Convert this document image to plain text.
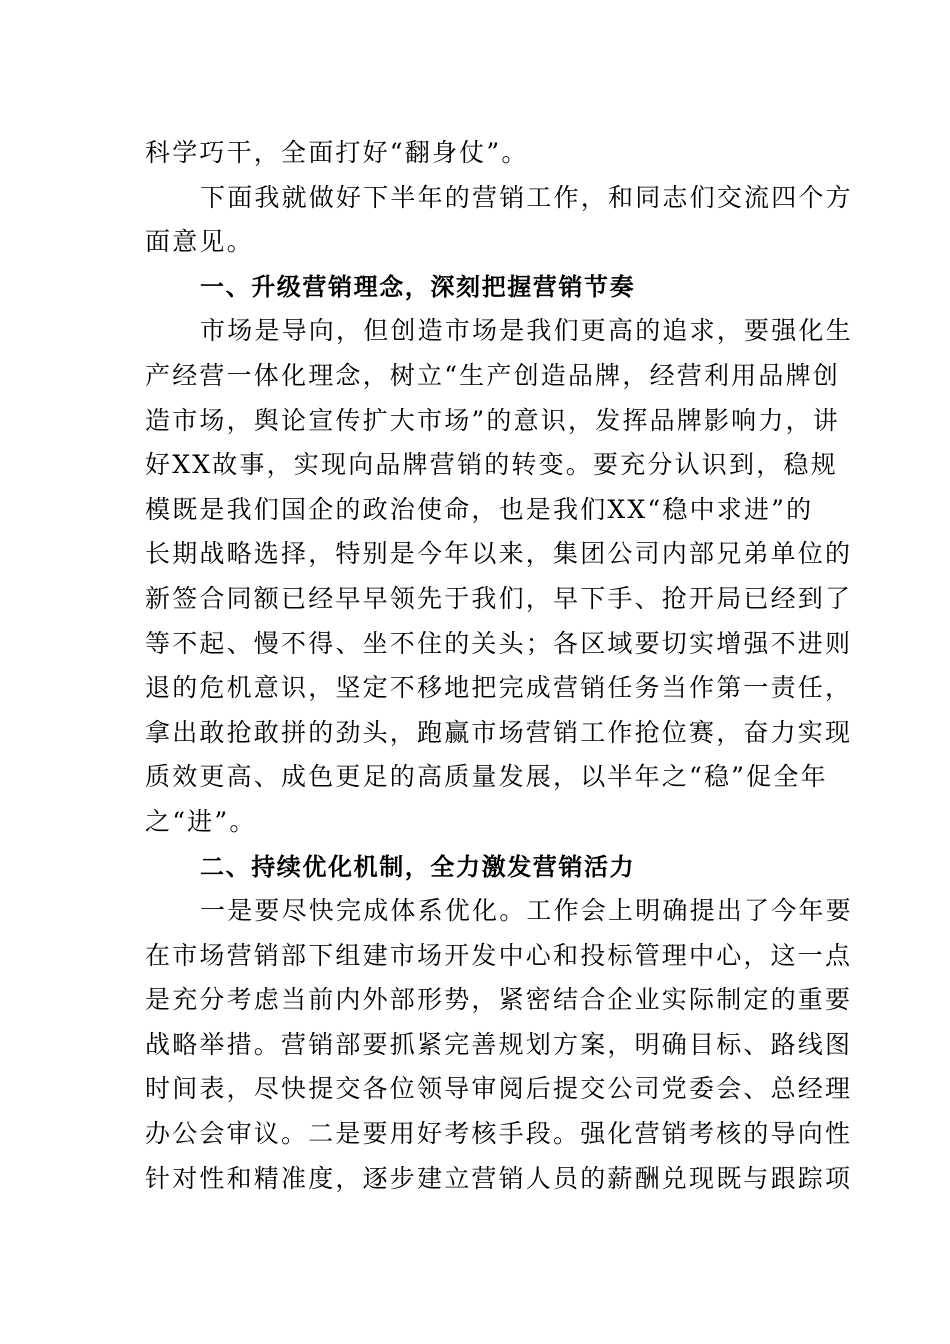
科学巧干，全面打好“翻身仗”。

下面我就做好下半年的营销工作，和同志们交流四个方
面意见。

一、升级营销理念，深刻把握营销节奏

市场是导向，但创造市场是我们更高的追求，要强化生
产经营一体化理念，树立“生产创造品牌，经营利用品牌创
造市场，舆论宣传扩大市场”的意识，发挥品牌影响力，讲
好XX故事，实现向品牌营销的转变。要充分认识到，稳规
模既是我们国企的政治使命，也是我们XX“稳中求进”的
长期战略选择，特别是今年以来，集团公司内部兄弟单位的
新签合同额已经早早领先于我们，早下手、抢开局已经到了
等不起、慢不得、坐不住的关头；各区域要切实增强不进则
退的危机意识，坚定不移地把完成营销任务当作第一责任，
拿出敢抢敢拼的劲头，跑赢市场营销工作抢位赛，奋力实现
质效更高、成色更足的高质量发展，以半年之“稳”促全年
之“进”。

二、持续优化机制，全力激发营销活力

一是要尽快完成体系优化。工作会上明确提出了今年要
在市场营销部下组建市场开发中心和投标管理中心，这一点
是充分考虑当前内外部形势，紧密结合企业实际制定的重要
战略举措。营销部要抓紧完善规划方案，明确目标、路线图
时间表，尽快提交各位领导审阅后提交公司党委会、总经理
办公会审议。二是要用好考核手段。强化营销考核的导向性
针对性和精准度，逐步建立营销人员的薪酬兑现既与跟踪项
